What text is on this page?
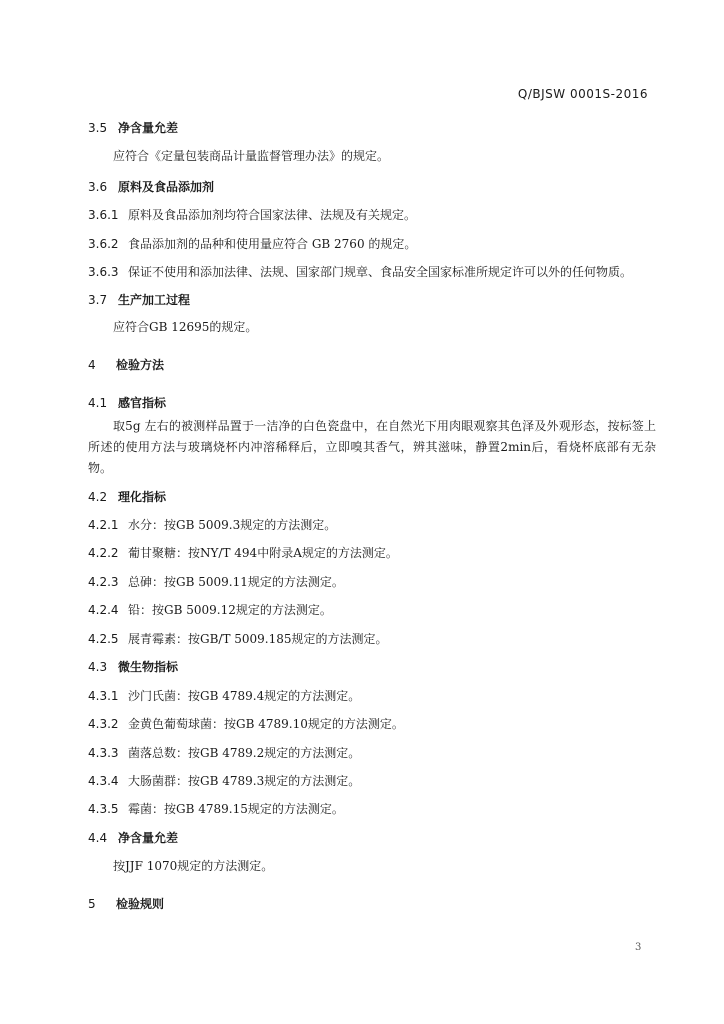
Q/BJSW 0001S-2016
3.5 净含量允差
应符合《定量包装商品计量监督管理办法》的规定。
3.6 原料及食品添加剂
3.6.1 原料及食品添加剂均符合国家法律、法规及有关规定。
3.6.2 食品添加剂的品种和使用量应符合 GB 2760 的规定。
3.6.3 保证不使用和添加法律、法规、国家部门规章、食品安全国家标准所规定许可以外的任何物质。
3.7 生产加工过程
应符合GB 12695的规定。
4 检验方法
4.1 感官指标
取5g 左右的被测样品置于一洁净的白色瓷盘中，在自然光下用肉眼观察其色泽及外观形态，按标签上所述的使用方法与玻璃烧杯内冲溶稀释后，立即嗅其香气，辨其滋味，静置2min后，看烧杯底部有无杂物。
4.2 理化指标
4.2.1 水分：按GB 5009.3规定的方法测定。
4.2.2 葡甘聚糖：按NY/T 494中附录A规定的方法测定。
4.2.3 总砷：按GB 5009.11规定的方法测定。
4.2.4 铅：按GB 5009.12规定的方法测定。
4.2.5 展青霉素：按GB/T 5009.185规定的方法测定。
4.3 微生物指标
4.3.1 沙门氏菌：按GB 4789.4规定的方法测定。
4.3.2 金黄色葡萄球菌：按GB 4789.10规定的方法测定。
4.3.3 菌落总数：按GB 4789.2规定的方法测定。
4.3.4 大肠菌群：按GB 4789.3规定的方法测定。
4.3.5 霉菌：按GB 4789.15规定的方法测定。
4.4 净含量允差
按JJF 1070规定的方法测定。
5 检验规则
3
